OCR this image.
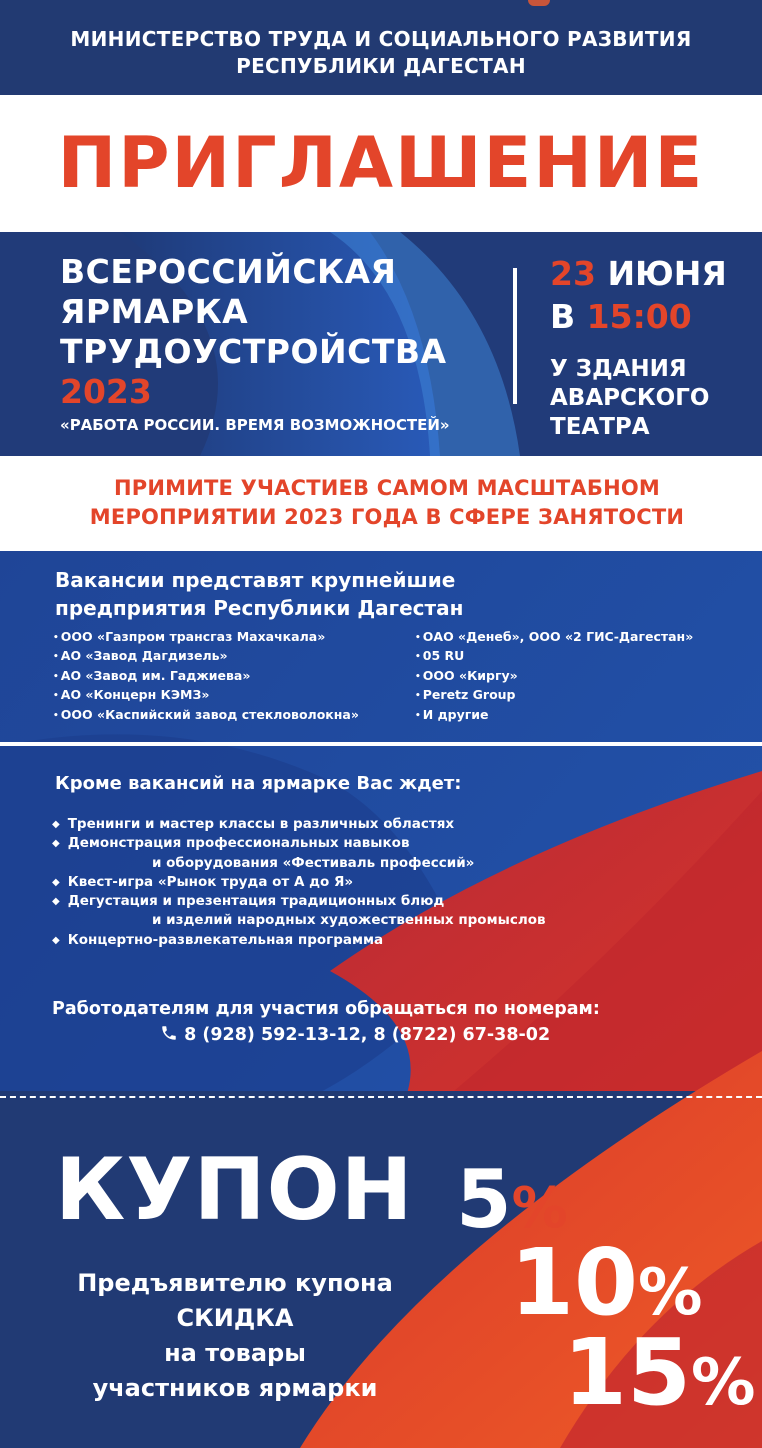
МИНИСТЕРСТВО ТРУДА И СОЦИАЛЬНОГО РАЗВИТИЯ
РЕСПУБЛИКИ ДАГЕСТАН
ПРИГЛАШЕНИЕ
ВСЕРОССИЙСКАЯ
ЯРМАРКА
ТРУДОУСТРОЙСТВА
2023
«РАБОТА РОССИИ. ВРЕМЯ ВОЗМОЖНОСТЕЙ»
23 ИЮНЯ
В 15:00
У ЗДАНИЯ
АВАРСКОГО
ТЕАТРА
ПРИМИТЕ УЧАСТИЕВ САМОМ МАСШТАБНОМ
МЕРОПРИЯТИИ 2023 ГОДА В СФЕРЕ ЗАНЯТОСТИ
Вакансии представят крупнейшие
предприятия Республики Дагестан
• ООО «Газпром трансгаз Махачкала»
• АО «Завод Дагдизель»
• АО «Завод им. Гаджиева»
• АО «Концерн КЭМЗ»
• ООО «Каспийский завод стекловолокна»
• ОАО «Денеб», ООО «2 ГИС-Дагестан»
• 05 RU
• ООО «Киргу»
• Peretz Group
• И другие
Кроме вакансий на ярмарке Вас ждет:
◆ Тренинги и мастер классы в различных областях
◆ Демонстрация профессиональных навыков
и оборудования «Фестиваль профессий»
◆ Квест-игра «Рынок труда от А до Я»
◆ Дегустация и презентация традиционных блюд
и изделий народных художественных промыслов
◆ Концертно-развлекательная программа
Работодателям для участия обращаться по номерам:
8 (928) 592-13-12, 8 (8722) 67-38-02
КУПОН 5%
10%
15%
Предъявителю купона
СКИДКА
на товары
участников ярмарки
